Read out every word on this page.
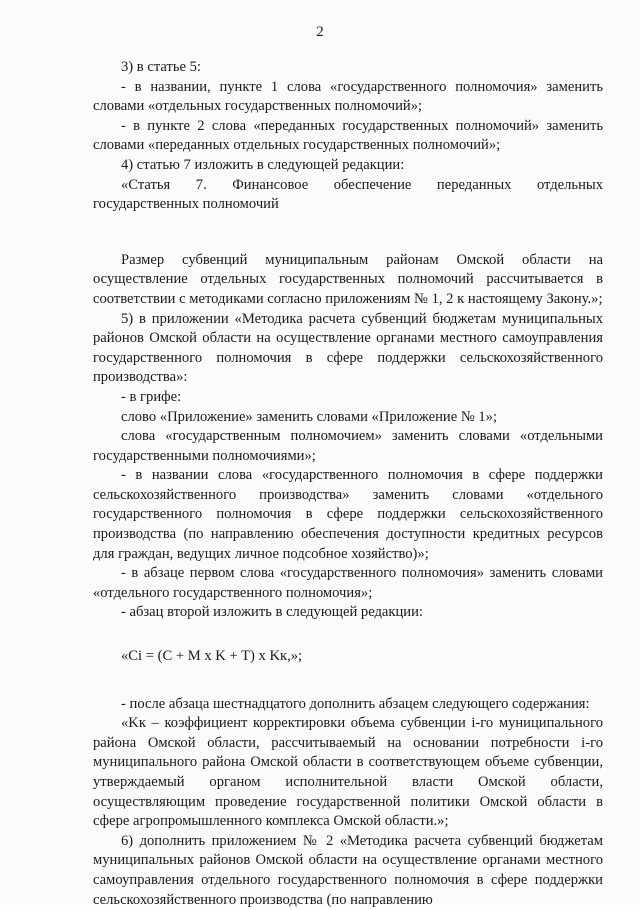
2

3) в статье 5:

- в названии, пункте 1 слова «государственного полномочия» заменить словами «отдельных государственных полномочий»;

- в пункте 2 слова «переданных государственных полномочий» заменить словами «переданных отдельных государственных полномочий»;

4) статью 7 изложить в следующей редакции:

«Статья 7. Финансовое обеспечение переданных отдельных государственных полномочий

Размер субвенций муниципальным районам Омской области на осуществление отдельных государственных полномочий рассчитывается в соответствии с методиками согласно приложениям № 1, 2 к настоящему Закону.»;

5) в приложении «Методика расчета субвенций бюджетам муниципальных районов Омской области на осуществление органами местного самоуправления государственного полномочия в сфере поддержки сельскохозяйственного производства»:

- в грифе:

слово «Приложение» заменить словами «Приложение № 1»;

слова «государственным полномочием» заменить словами «отдельными государственными полномочиями»;

- в названии слова «государственного полномочия в сфере поддержки сельскохозяйственного производства» заменить словами «отдельного государственного полномочия в сфере поддержки сельскохозяйственного производства (по направлению обеспечения доступности кредитных ресурсов для граждан, ведущих личное подсобное хозяйство)»;

- в абзаце первом слова «государственного полномочия» заменить словами «отдельного государственного полномочия»;

- абзац второй изложить в следующей редакции:

«Ci = (C + M x K + T) x Kк,»;

- после абзаца шестнадцатого дополнить абзацем следующего содержания:

«Kк – коэффициент корректировки объема субвенции i-го муниципального района Омской области, рассчитываемый на основании потребности i-го муниципального района Омской области в соответствующем объеме субвенции, утверждаемый органом исполнительной власти Омской области, осуществляющим проведение государственной политики Омской области в сфере агропромышленного комплекса Омской области.»;

6) дополнить приложением № 2 «Методика расчета субвенций бюджетам муниципальных районов Омской области на осуществление органами местного самоуправления отдельного государственного полномочия в сфере поддержки сельскохозяйственного производства (по направлению
